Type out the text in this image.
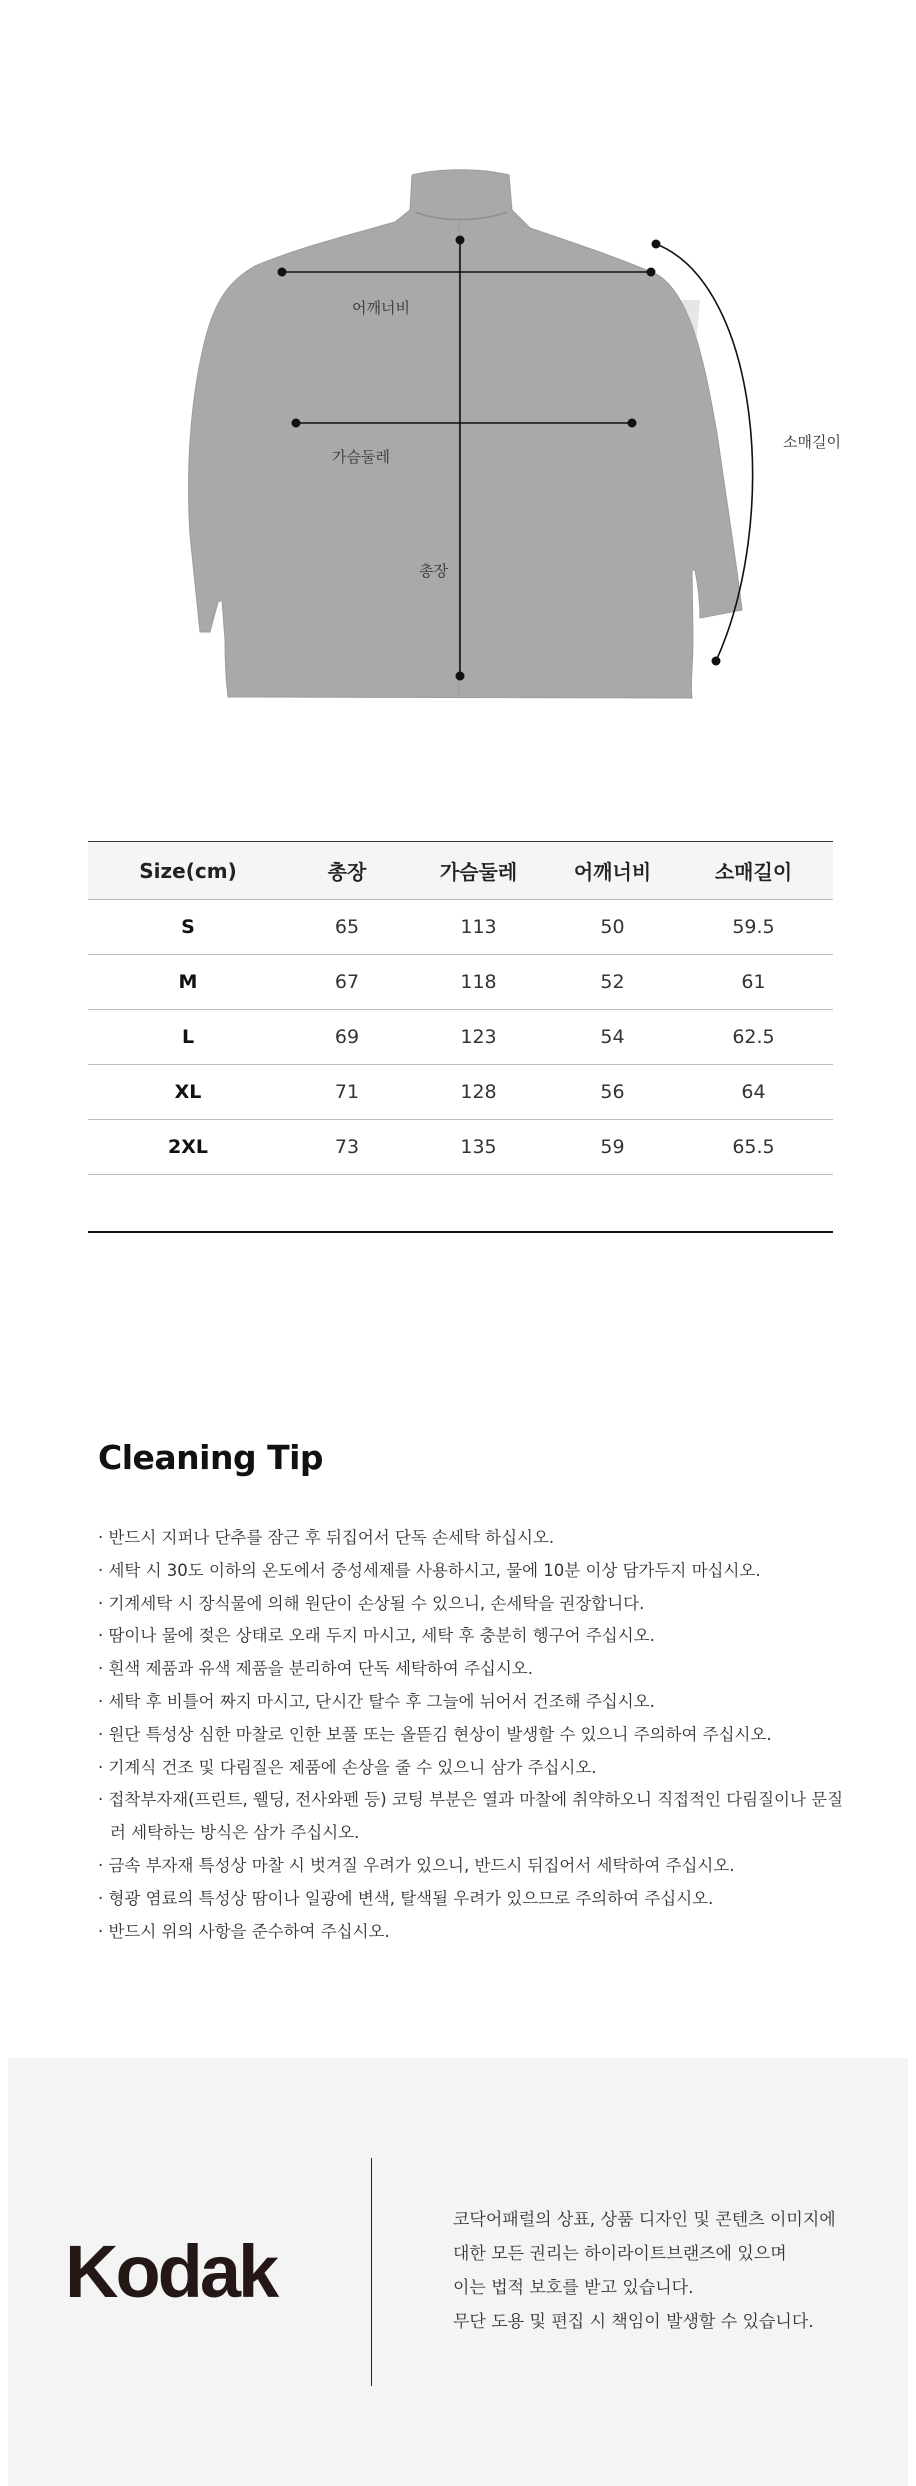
어깨너비
가슴둘레
총장
소매길이
Size(cm)	총장	가슴둘레	어깨너비	소매길이
S	65	113	50	59.5
M	67	118	52	61
L	69	123	54	62.5
XL	71	128	56	64
2XL	73	135	59	65.5
Cleaning Tip
· 반드시 지퍼나 단추를 잠근 후 뒤집어서 단독 손세탁 하십시오.
· 세탁 시 30도 이하의 온도에서 중성세제를 사용하시고, 물에 10분 이상 담가두지 마십시오.
· 기계세탁 시 장식물에 의해 원단이 손상될 수 있으니, 손세탁을 권장합니다.
· 땀이나 물에 젖은 상태로 오래 두지 마시고, 세탁 후 충분히 헹구어 주십시오.
· 흰색 제품과 유색 제품을 분리하여 단독 세탁하여 주십시오.
· 세탁 후 비틀어 짜지 마시고, 단시간 탈수 후 그늘에 뉘어서 건조해 주십시오.
· 원단 특성상 심한 마찰로 인한 보풀 또는 올뜯김 현상이 발생할 수 있으니 주의하여 주십시오.
· 기계식 건조 및 다림질은 제품에 손상을 줄 수 있으니 삼가 주십시오.
· 접착부자재(프린트, 웰딩, 전사와펜 등) 코팅 부분은 열과 마찰에 취약하오니 직접적인 다림질이나 문질러 세탁하는 방식은 삼가 주십시오.
· 금속 부자재 특성상 마찰 시 벗겨질 우려가 있으니, 반드시 뒤집어서 세탁하여 주십시오.
· 형광 염료의 특성상 땀이나 일광에 변색, 탈색될 우려가 있으므로 주의하여 주십시오.
· 반드시 위의 사항을 준수하여 주십시오.
Kodak
코닥어패럴의 상표, 상품 디자인 및 콘텐츠 이미지에
대한 모든 권리는 하이라이트브랜즈에 있으며
이는 법적 보호를 받고 있습니다.
무단 도용 및 편집 시 책임이 발생할 수 있습니다.
